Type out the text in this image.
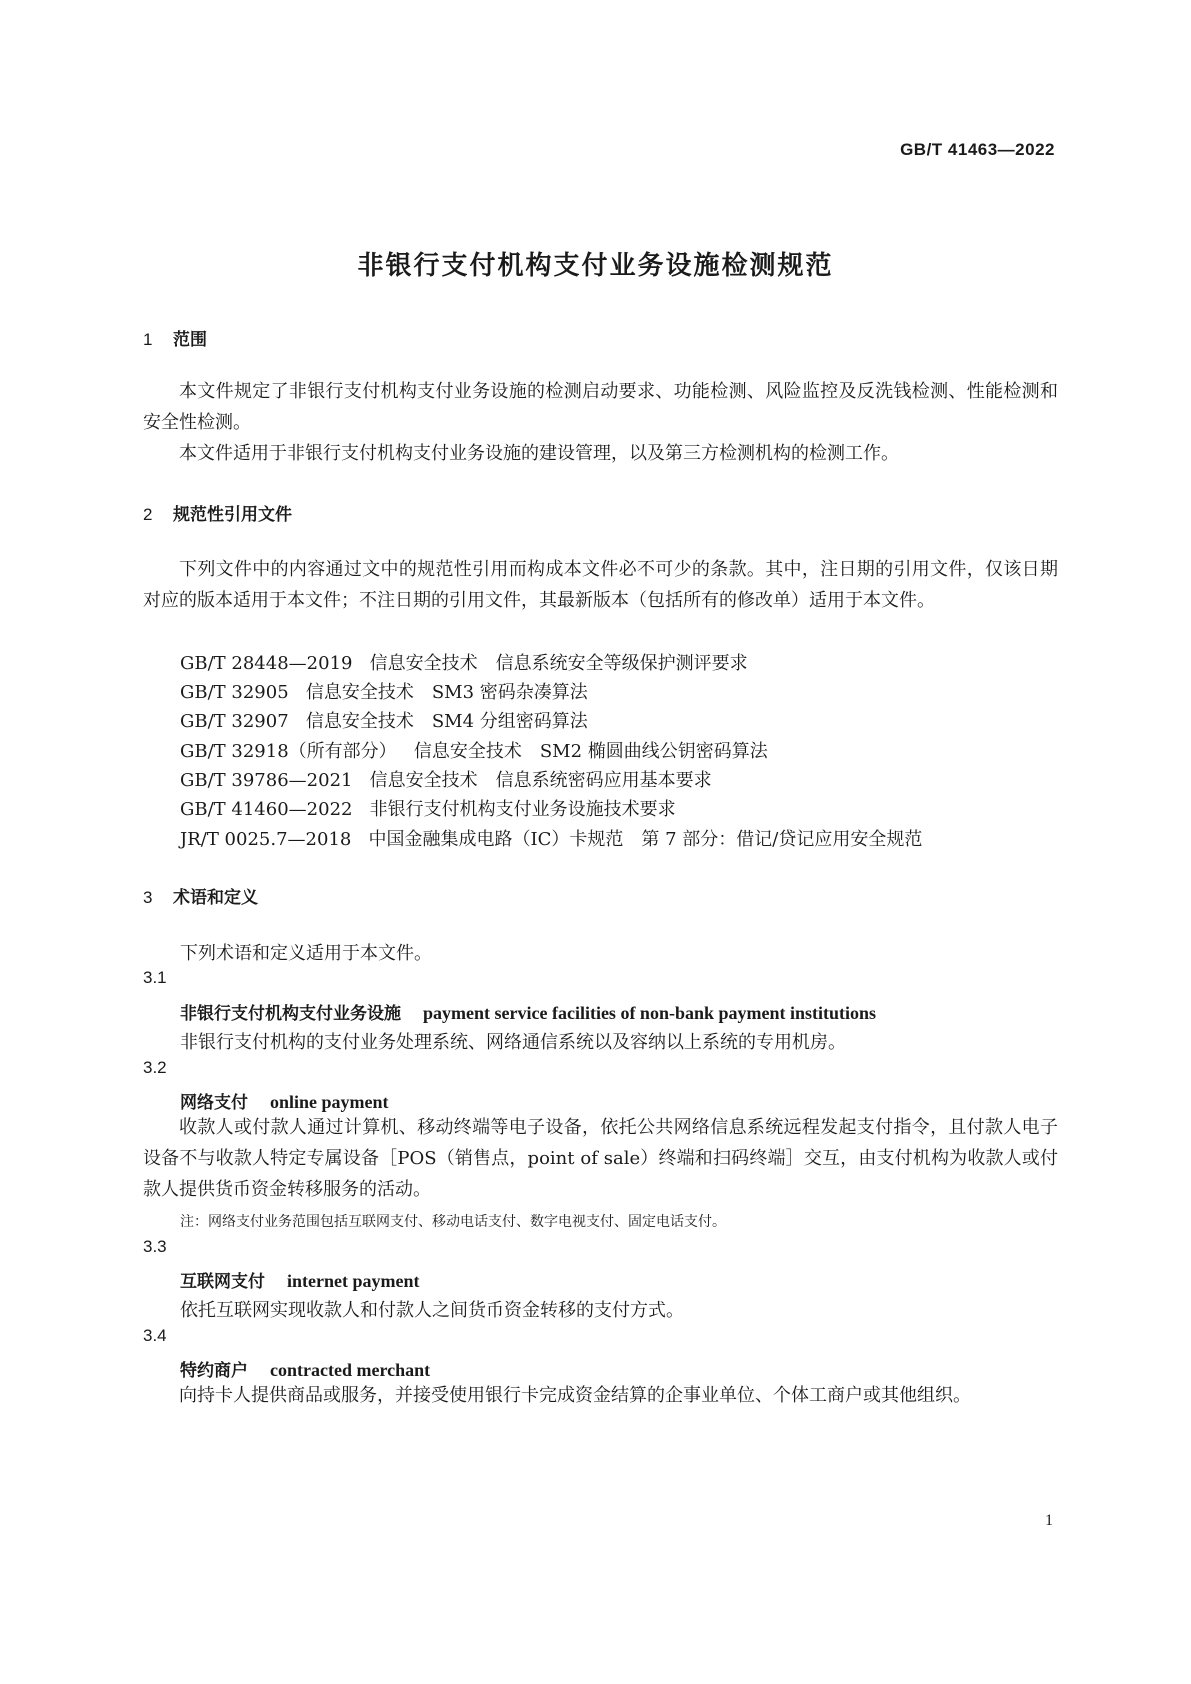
GB/T 41463—2022
非银行支付机构支付业务设施检测规范
1 范围
本文件规定了非银行支付机构支付业务设施的检测启动要求、功能检测、风险监控及反洗钱检测、性能检测和安全性检测。
本文件适用于非银行支付机构支付业务设施的建设管理，以及第三方检测机构的检测工作。
2 规范性引用文件
下列文件中的内容通过文中的规范性引用而构成本文件必不可少的条款。其中，注日期的引用文件，仅该日期对应的版本适用于本文件；不注日期的引用文件，其最新版本（包括所有的修改单）适用于本文件。
GB/T 28448—2019 信息安全技术　信息系统安全等级保护测评要求
GB/T 32905 信息安全技术　SM3 密码杂凑算法
GB/T 32907 信息安全技术　SM4 分组密码算法
GB/T 32918（所有部分） 信息安全技术　SM2 椭圆曲线公钥密码算法
GB/T 39786—2021 信息安全技术　信息系统密码应用基本要求
GB/T 41460—2022 非银行支付机构支付业务设施技术要求
JR/T 0025.7—2018 中国金融集成电路（IC）卡规范　第 7 部分：借记/贷记应用安全规范
3 术语和定义
下列术语和定义适用于本文件。
3.1
非银行支付机构支付业务设施 payment service facilities of non-bank payment institutions
非银行支付机构的支付业务处理系统、网络通信系统以及容纳以上系统的专用机房。
3.2
网络支付 online payment
收款人或付款人通过计算机、移动终端等电子设备，依托公共网络信息系统远程发起支付指令，且付款人电子设备不与收款人特定专属设备［POS（销售点，point of sale）终端和扫码终端］交互，由支付机构为收款人或付款人提供货币资金转移服务的活动。
注：网络支付业务范围包括互联网支付、移动电话支付、数字电视支付、固定电话支付。
3.3
互联网支付 internet payment
依托互联网实现收款人和付款人之间货币资金转移的支付方式。
3.4
特约商户 contracted merchant
向持卡人提供商品或服务，并接受使用银行卡完成资金结算的企事业单位、个体工商户或其他组织。
1
